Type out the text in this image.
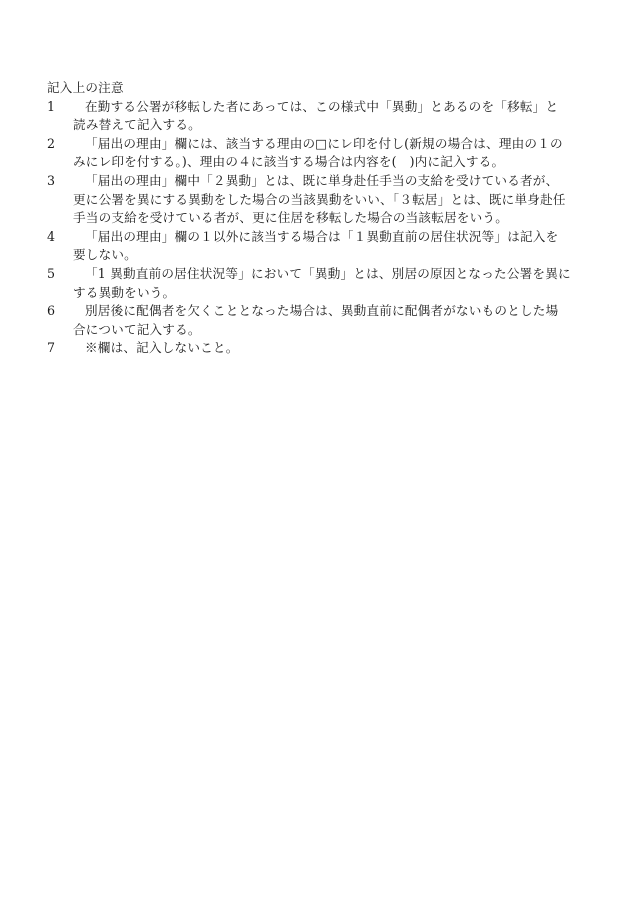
記入上の注意

1	在勤する公署が移転した者にあっては、この様式中「異動」とあるのを「移転」と
読み替えて記入する。
2	「届出の理由」欄には、該当する理由の□にレ印を付し(新規の場合は、理由の１の
みにレ印を付する。)、理由の４に該当する場合は内容を(　)内に記入する。
3	「届出の理由」欄中「２異動」とは、既に単身赴任手当の支給を受けている者が、
更に公署を異にする異動をした場合の当該異動をいい、「３転居」とは、既に単身赴任
手当の支給を受けている者が、更に住居を移転した場合の当該転居をいう。
4	「届出の理由」欄の１以外に該当する場合は「１異動直前の居住状況等」は記入を
要しない。
5	「1 異動直前の居住状況等」において「異動」とは、別居の原因となった公署を異に
する異動をいう。
6	別居後に配偶者を欠くこととなった場合は、異動直前に配偶者がないものとした場
合について記入する。
7	※欄は、記入しないこと。
